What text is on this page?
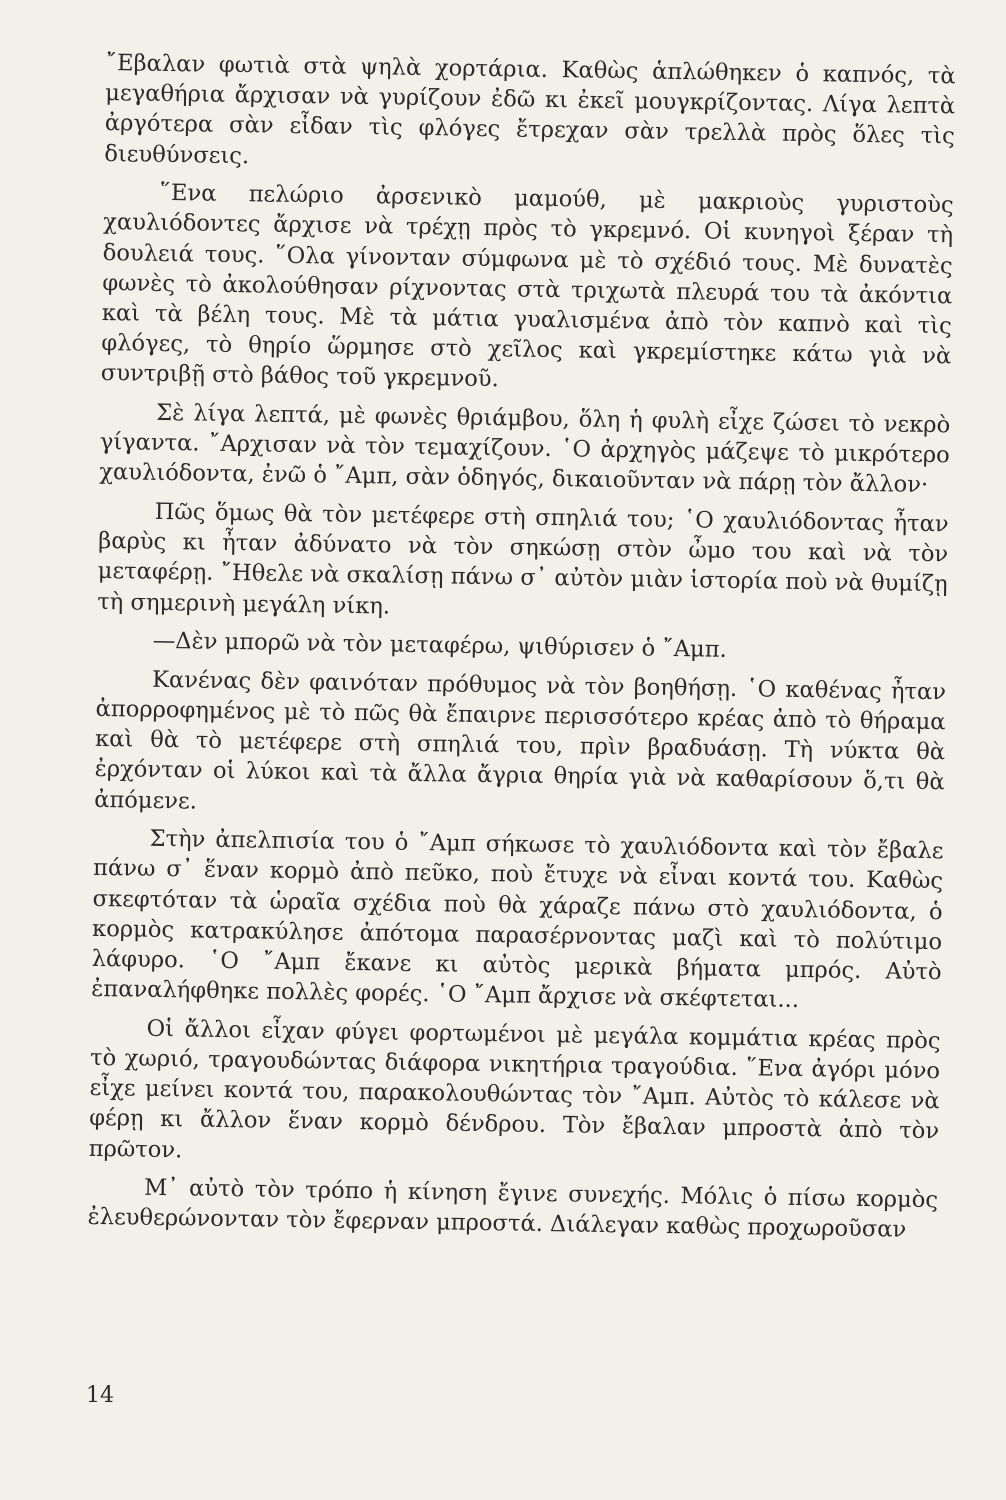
῎Εβαλαν φωτιὰ στὰ ψηλὰ χορτάρια. Καθὼς ἁπλώθηκεν ὁ καπνός, τὰ μεγαθήρια ἄρχισαν νὰ γυρίζουν ἐδῶ κι ἐκεῖ μουγκρίζοντας. Λίγα λεπτὰ ἀργότερα σὰν εἶδαν τὶς φλόγες ἔτρεχαν σὰν τρελλὰ πρὸς ὅλες τὶς διευθύνσεις.

῞Ενα πελώριο ἀρσενικὸ μαμούθ, μὲ μακριοὺς γυριστοὺς χαυλιόδοντες ἄρχισε νὰ τρέχῃ πρὸς τὸ γκρεμνό. Οἱ κυνηγοὶ ξέραν τὴ δουλειά τους. ῞Ολα γίνονταν σύμφωνα μὲ τὸ σχέδιό τους. Μὲ δυνατὲς φωνὲς τὸ ἀκολούθησαν ρίχνοντας στὰ τριχωτὰ πλευρά του τὰ ἀκόντια καὶ τὰ βέλη τους. Μὲ τὰ μάτια γυαλισμένα ἀπὸ τὸν καπνὸ καὶ τὶς φλόγες, τὸ θηρίο ὥρμησε στὸ χεῖλος καὶ γκρεμίστηκε κάτω γιὰ νὰ συντριβῇ στὸ βάθος τοῦ γκρεμνοῦ.

Σὲ λίγα λεπτά, μὲ φωνὲς θριάμβου, ὅλη ἡ φυλὴ εἶχε ζώσει τὸ νεκρὸ γίγαντα. ῎Αρχισαν νὰ τὸν τεμαχίζουν. ῾Ο ἀρχηγὸς μάζεψε τὸ μικρότερο χαυλιόδοντα, ἐνῶ ὁ ῎Αμπ, σὰν ὁδηγός, δικαιοῦνταν νὰ πάρῃ τὸν ἄλλον·

Πῶς ὅμως θὰ τὸν μετέφερε στὴ σπηλιά του; ῾Ο χαυλιόδοντας ἦταν βαρὺς κι ἦταν ἀδύνατο νὰ τὸν σηκώσῃ στὸν ὦμο του καὶ νὰ τὸν μεταφέρῃ. ῎Ηθελε νὰ σκαλίσῃ πάνω σ᾽ αὐτὸν μιὰν ἱστορία ποὺ νὰ θυμίζῃ τὴ σημερινὴ μεγάλη νίκη.

—Δὲν μπορῶ νὰ τὸν μεταφέρω, ψιθύρισεν ὁ ῎Αμπ.

Κανένας δὲν φαινόταν πρόθυμος νὰ τὸν βοηθήσῃ. ῾Ο καθένας ἦταν ἀπορροφημένος μὲ τὸ πῶς θὰ ἔπαιρνε περισσότερο κρέας ἀπὸ τὸ θήραμα καὶ θὰ τὸ μετέφερε στὴ σπηλιά του, πρὶν βραδυάσῃ. Τὴ νύκτα θὰ ἐρχόνταν οἱ λύκοι καὶ τὰ ἄλλα ἄγρια θηρία γιὰ νὰ καθαρίσουν ὅ,τι θὰ ἀπόμενε.

Στὴν ἀπελπισία του ὁ ῎Αμπ σήκωσε τὸ χαυλιόδοντα καὶ τὸν ἔβαλε πάνω σ᾽ ἕναν κορμὸ ἀπὸ πεῦκο, ποὺ ἔτυχε νὰ εἶναι κοντά του. Καθὼς σκεφτόταν τὰ ὡραῖα σχέδια ποὺ θὰ χάραζε πάνω στὸ χαυλιόδοντα, ὁ κορμὸς κατρακύλησε ἀπότομα παρασέρνοντας μαζὶ καὶ τὸ πολύτιμο λάφυρο. ῾Ο ῎Αμπ ἔκανε κι αὐτὸς μερικὰ βήματα μπρός. Αὐτὸ ἐπαναλήφθηκε πολλὲς φορές. ῾Ο ῎Αμπ ἄρχισε νὰ σκέφτεται...

Οἱ ἄλλοι εἶχαν φύγει φορτωμένοι μὲ μεγάλα κομμάτια κρέας πρὸς τὸ χωριό, τραγουδώντας διάφορα νικητήρια τραγούδια. ῞Ενα ἀγόρι μόνο εἶχε μείνει κοντά του, παρακολουθώντας τὸν ῎Αμπ. Αὐτὸς τὸ κάλεσε νὰ φέρῃ κι ἄλλον ἕναν κορμὸ δένδρου. Τὸν ἔβαλαν μπροστὰ ἀπὸ τὸν πρῶτον.

Μ᾽ αὐτὸ τὸν τρόπο ἡ κίνηση ἔγινε συνεχής. Μόλις ὁ πίσω κορμὸς ἐλευθερώνονταν τὸν ἔφερναν μπροστά. Διάλεγαν καθὼς προχωροῦσαν

14
